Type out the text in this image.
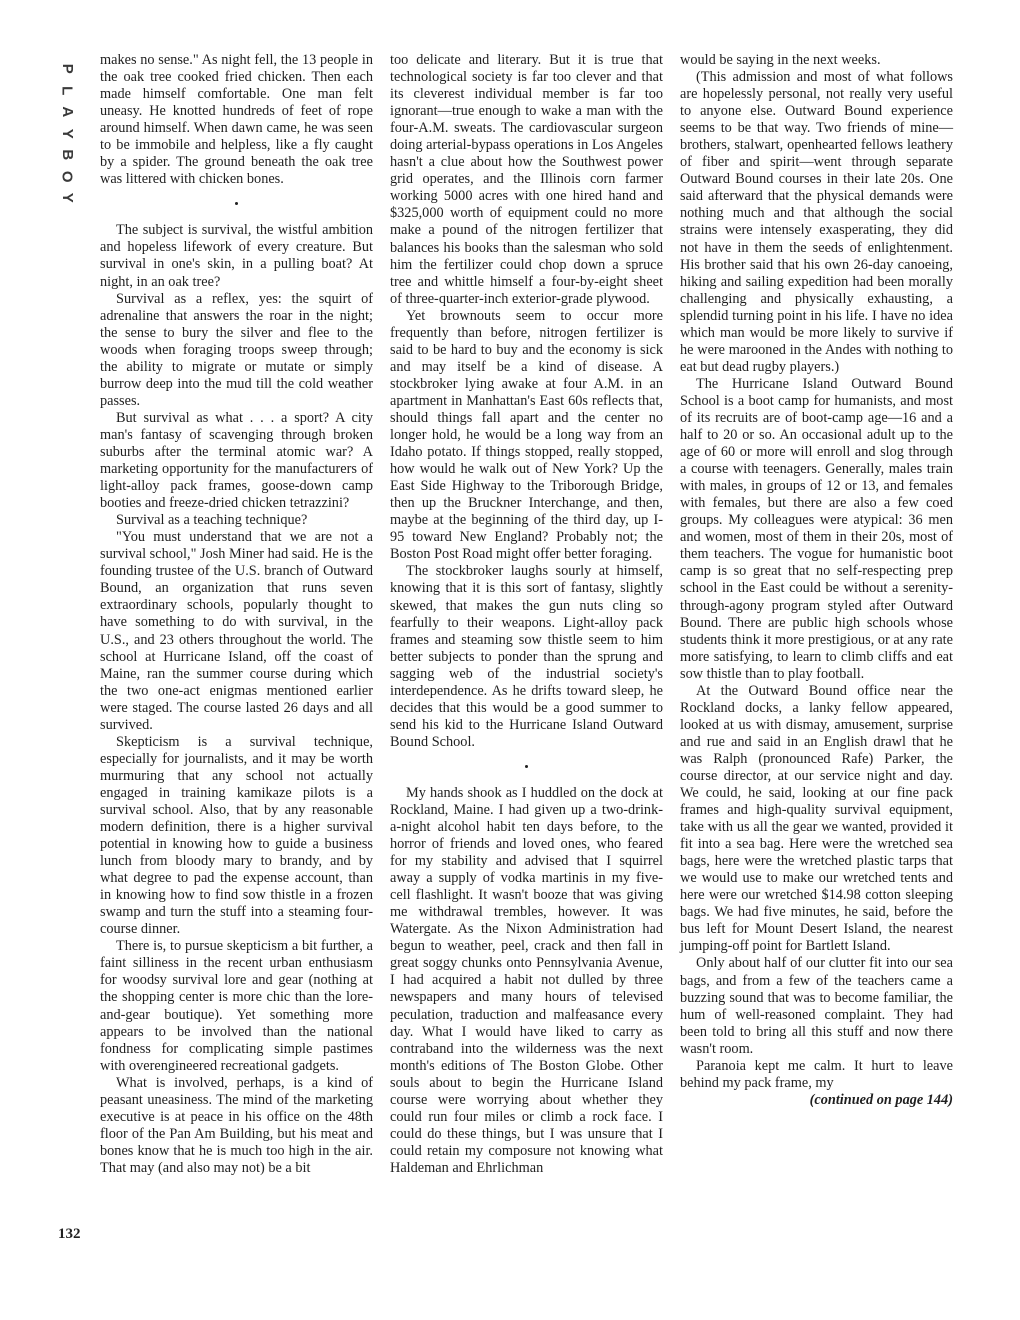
P
L
A
Y
B
O
Y
132

makes no sense." As night fell, the 13 people in the oak tree cooked fried chicken. Then each made himself comfortable. One man felt uneasy. He knotted hundreds of feet of rope around himself. When dawn came, he was seen to be immobile and helpless, like a fly caught by a spider. The ground beneath the oak tree was littered with chicken bones.

The subject is survival, the wistful ambition and hopeless lifework of every creature. But survival in one's skin, in a pulling boat? At night, in an oak tree?

Survival as a reflex, yes: the squirt of adrenaline that answers the roar in the night; the sense to bury the silver and flee to the woods when foraging troops sweep through; the ability to migrate or mutate or simply burrow deep into the mud till the cold weather passes.

But survival as what . . . a sport? A city man's fantasy of scavenging through broken suburbs after the terminal atomic war? A marketing opportunity for the manufacturers of light-alloy pack frames, goose-down camp booties and freeze-dried chicken tetrazzini?

Survival as a teaching technique?

"You must understand that we are not a survival school," Josh Miner had said. He is the founding trustee of the U.S. branch of Outward Bound, an organization that runs seven extraordinary schools, popularly thought to have something to do with survival, in the U.S., and 23 others throughout the world. The school at Hurricane Island, off the coast of Maine, ran the summer course during which the two one-act enigmas mentioned earlier were staged. The course lasted 26 days and all survived.

Skepticism is a survival technique, especially for journalists, and it may be worth murmuring that any school not actually engaged in training kamikaze pilots is a survival school. Also, that by any reasonable modern definition, there is a higher survival potential in knowing how to guide a business lunch from bloody mary to brandy, and by what degree to pad the expense account, than in knowing how to find sow thistle in a frozen swamp and turn the stuff into a steaming four-course dinner.

There is, to pursue skepticism a bit further, a faint silliness in the recent urban enthusiasm for woodsy survival lore and gear (nothing at the shopping center is more chic than the lore-and-gear boutique). Yet something more appears to be involved than the national fondness for complicating simple pastimes with overengineered recreational gadgets.

What is involved, perhaps, is a kind of peasant uneasiness. The mind of the marketing executive is at peace in his office on the 48th floor of the Pan Am Building, but his meat and bones know that he is much too high in the air. That may (and also may not) be a bit

too delicate and literary. But it is true that technological society is far too clever and that its cleverest individual member is far too ignorant—true enough to wake a man with the four-A.M. sweats. The cardiovascular surgeon doing arterial-bypass operations in Los Angeles hasn't a clue about how the Southwest power grid operates, and the Illinois corn farmer working 5000 acres with one hired hand and $325,000 worth of equipment could no more make a pound of the nitrogen fertilizer that balances his books than the salesman who sold him the fertilizer could chop down a spruce tree and whittle himself a four-by-eight sheet of three-quarter-inch exterior-grade plywood.

Yet brownouts seem to occur more frequently than before, nitrogen fertilizer is said to be hard to buy and the economy is sick and may itself be a kind of disease. A stockbroker lying awake at four A.M. in an apartment in Manhattan's East 60s reflects that, should things fall apart and the center no longer hold, he would be a long way from an Idaho potato. If things stopped, really stopped, how would he walk out of New York? Up the East Side Highway to the Triborough Bridge, then up the Bruckner Interchange, and then, maybe at the beginning of the third day, up I-95 toward New England? Probably not; the Boston Post Road might offer better foraging.

The stockbroker laughs sourly at himself, knowing that it is this sort of fantasy, slightly skewed, that makes the gun nuts cling so fearfully to their weapons. Light-alloy pack frames and steaming sow thistle seem to him better subjects to ponder than the sprung and sagging web of the industrial society's interdependence. As he drifts toward sleep, he decides that this would be a good summer to send his kid to the Hurricane Island Outward Bound School.

My hands shook as I huddled on the dock at Rockland, Maine. I had given up a two-drink-a-night alcohol habit ten days before, to the horror of friends and loved ones, who feared for my stability and advised that I squirrel away a supply of vodka martinis in my five-cell flashlight. It wasn't booze that was giving me withdrawal trembles, however. It was Watergate. As the Nixon Administration had begun to weather, peel, crack and then fall in great soggy chunks onto Pennsylvania Avenue, I had acquired a habit not dulled by three newspapers and many hours of televised peculation, traduction and malfeasance every day. What I would have liked to carry as contraband into the wilderness was the next month's editions of The Boston Globe. Other souls about to begin the Hurricane Island course were worrying about whether they could run four miles or climb a rock face. I could do these things, but I was unsure that I could retain my composure not knowing what Haldeman and Ehrlichman

would be saying in the next weeks.

(This admission and most of what follows are hopelessly personal, not really very useful to anyone else. Outward Bound experience seems to be that way. Two friends of mine—brothers, stalwart, openhearted fellows leathery of fiber and spirit—went through separate Outward Bound courses in their late 20s. One said afterward that the physical demands were nothing much and that although the social strains were intensely exasperating, they did not have in them the seeds of enlightenment. His brother said that his own 26-day canoeing, hiking and sailing expedition had been morally challenging and physically exhausting, a splendid turning point in his life. I have no idea which man would be more likely to survive if he were marooned in the Andes with nothing to eat but dead rugby players.)

The Hurricane Island Outward Bound School is a boot camp for humanists, and most of its recruits are of boot-camp age—16 and a half to 20 or so. An occasional adult up to the age of 60 or more will enroll and slog through a course with teenagers. Generally, males train with males, in groups of 12 or 13, and females with females, but there are also a few coed groups. My colleagues were atypical: 36 men and women, most of them in their 20s, most of them teachers. The vogue for humanistic boot camp is so great that no self-respecting prep school in the East could be without a serenity-through-agony program styled after Outward Bound. There are public high schools whose students think it more prestigious, or at any rate more satisfying, to learn to climb cliffs and eat sow thistle than to play football.

At the Outward Bound office near the Rockland docks, a lanky fellow appeared, looked at us with dismay, amusement, surprise and rue and said in an English drawl that he was Ralph (pronounced Rafe) Parker, the course director, at our service night and day. We could, he said, looking at our fine pack frames and high-quality survival equipment, take with us all the gear we wanted, provided it fit into a sea bag. Here were the wretched sea bags, here were the wretched plastic tarps that we would use to make our wretched tents and here were our wretched $14.98 cotton sleeping bags. We had five minutes, he said, before the bus left for Mount Desert Island, the nearest jumping-off point for Bartlett Island.

Only about half of our clutter fit into our sea bags, and from a few of the teachers came a buzzing sound that was to become familiar, the hum of well-reasoned complaint. They had been told to bring all this stuff and now there wasn't room.

Paranoia kept me calm. It hurt to leave behind my pack frame, my

(continued on page 144)
